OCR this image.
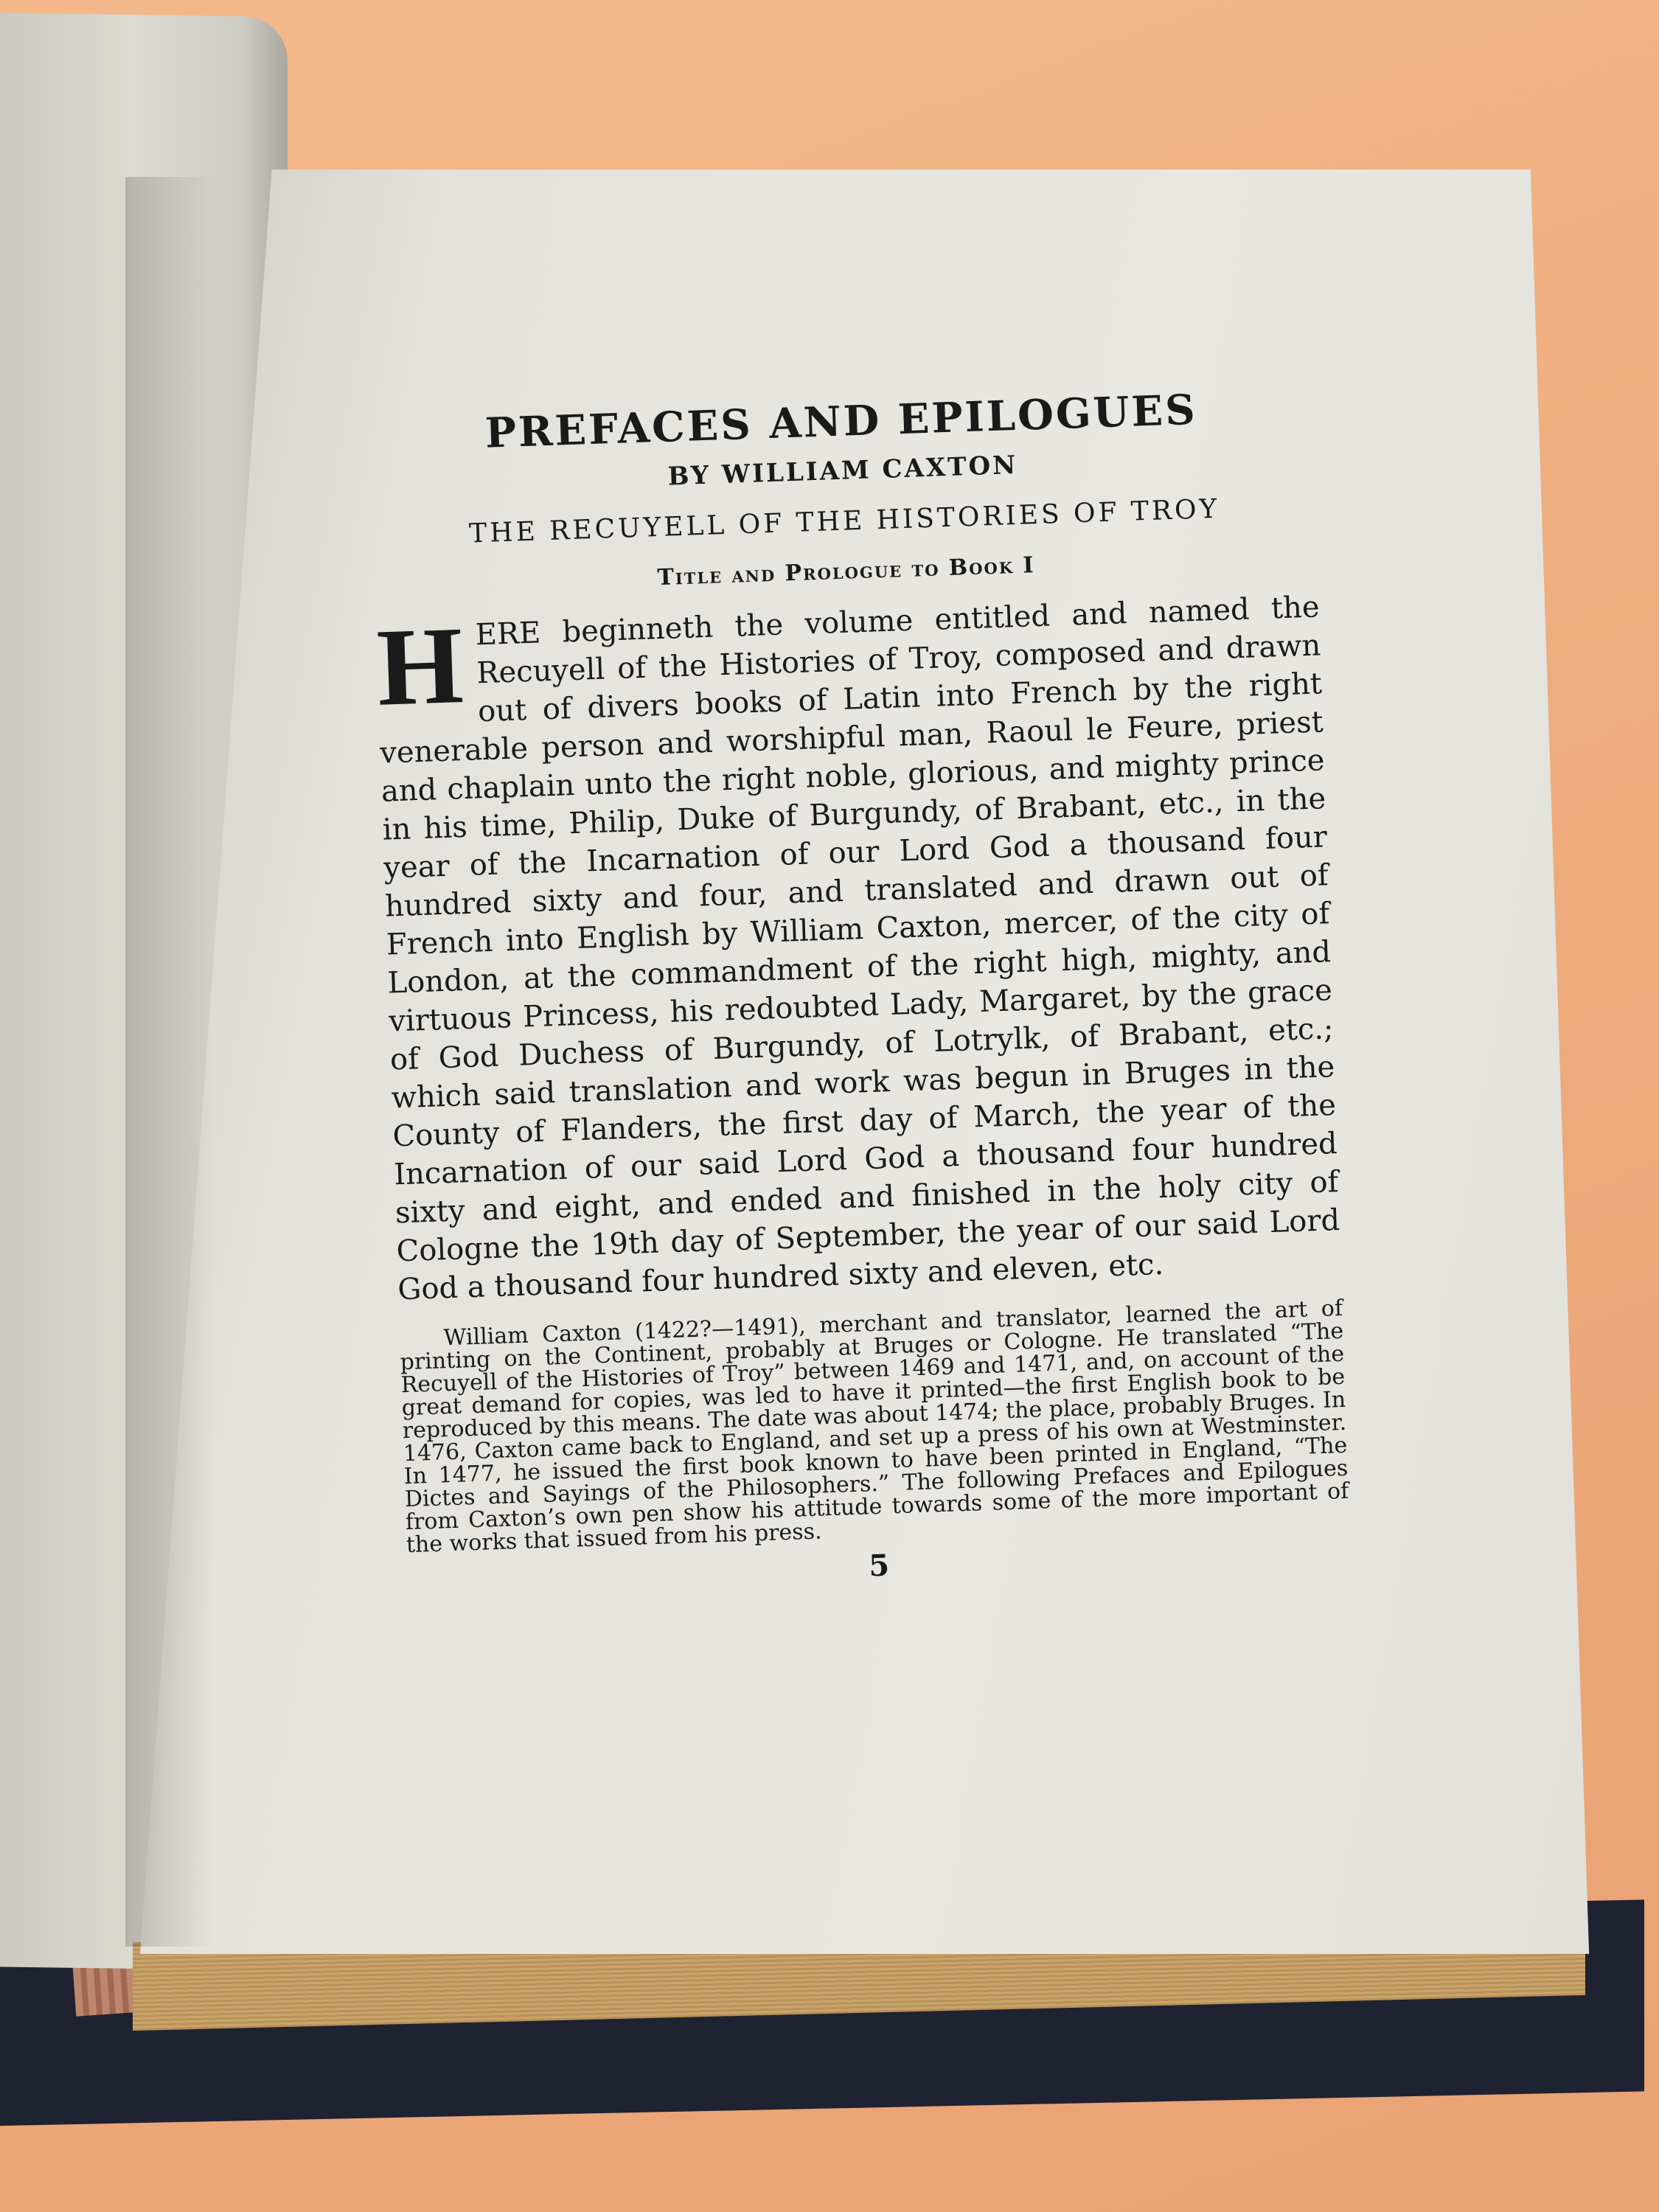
PREFACES AND EPILOGUES
BY WILLIAM CAXTON
THE RECUYELL OF THE HISTORIES OF TROY
Title and Prologue to Book I

HERE beginneth the volume entitled and named the Recuyell of the Histories of Troy, composed and drawn out of divers books of Latin into French by the right venerable person and worshipful man, Raoul le Feure, priest and chaplain unto the right noble, glorious, and mighty prince in his time, Philip, Duke of Burgundy, of Brabant, etc., in the year of the Incarnation of our Lord God a thousand four hundred sixty and four, and translated and drawn out of French into English by William Caxton, mercer, of the city of London, at the commandment of the right high, mighty, and virtuous Princess, his redoubted Lady, Margaret, by the grace of God Duchess of Burgundy, of Lotrylk, of Brabant, etc.; which said translation and work was begun in Bruges in the County of Flanders, the first day of March, the year of the Incarnation of our said Lord God a thousand four hundred sixty and eight, and ended and finished in the holy city of Cologne the 19th day of September, the year of our said Lord God a thousand four hundred sixty and eleven, etc.

William Caxton (1422?—1491), merchant and translator, learned the art of printing on the Continent, probably at Bruges or Cologne. He translated “The Recuyell of the Histories of Troy” between 1469 and 1471, and, on account of the great demand for copies, was led to have it printed—the first English book to be reproduced by this means. The date was about 1474; the place, probably Bruges. In 1476, Caxton came back to England, and set up a press of his own at Westminster. In 1477, he issued the first book known to have been printed in England, “The Dictes and Sayings of the Philosophers.” The following Prefaces and Epilogues from Caxton’s own pen show his attitude towards some of the more important of the works that issued from his press.

5
